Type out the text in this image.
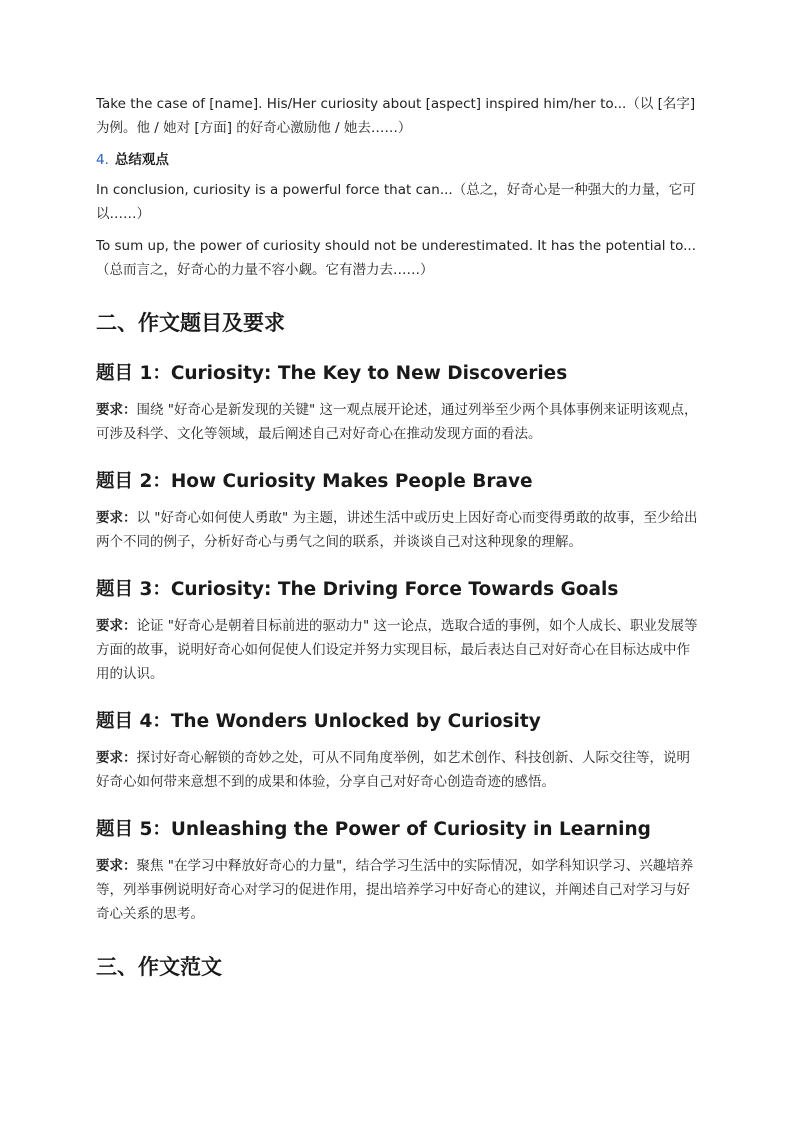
Take the case of [name]. His/Her curiosity about [aspect] inspired him/her to...（以 [名字] 为例。他 / 她对 [方面] 的好奇心激励他 / 她去……）

4. 总结观点

In conclusion, curiosity is a powerful force that can...（总之，好奇心是一种强大的力量，它可以……）

To sum up, the power of curiosity should not be underestimated. It has the potential to...（总而言之，好奇心的力量不容小觑。它有潜力去……）

二、作文题目及要求
题目 1：Curiosity: The Key to New Discoveries

要求：围绕 "好奇心是新发现的关键" 这一观点展开论述，通过列举至少两个具体事例来证明该观点，可涉及科学、文化等领域，最后阐述自己对好奇心在推动发现方面的看法。

题目 2：How Curiosity Makes People Brave

要求：以 "好奇心如何使人勇敢" 为主题，讲述生活中或历史上因好奇心而变得勇敢的故事，至少给出两个不同的例子，分析好奇心与勇气之间的联系，并谈谈自己对这种现象的理解。

题目 3：Curiosity: The Driving Force Towards Goals

要求：论证 "好奇心是朝着目标前进的驱动力" 这一论点，选取合适的事例，如个人成长、职业发展等方面的故事，说明好奇心如何促使人们设定并努力实现目标，最后表达自己对好奇心在目标达成中作用的认识。

题目 4：The Wonders Unlocked by Curiosity

要求：探讨好奇心解锁的奇妙之处，可从不同角度举例，如艺术创作、科技创新、人际交往等，说明好奇心如何带来意想不到的成果和体验，分享自己对好奇心创造奇迹的感悟。

题目 5：Unleashing the Power of Curiosity in Learning

要求：聚焦 "在学习中释放好奇心的力量"，结合学习生活中的实际情况，如学科知识学习、兴趣培养等，列举事例说明好奇心对学习的促进作用，提出培养学习中好奇心的建议，并阐述自己对学习与好奇心关系的思考。

三、作文范文
